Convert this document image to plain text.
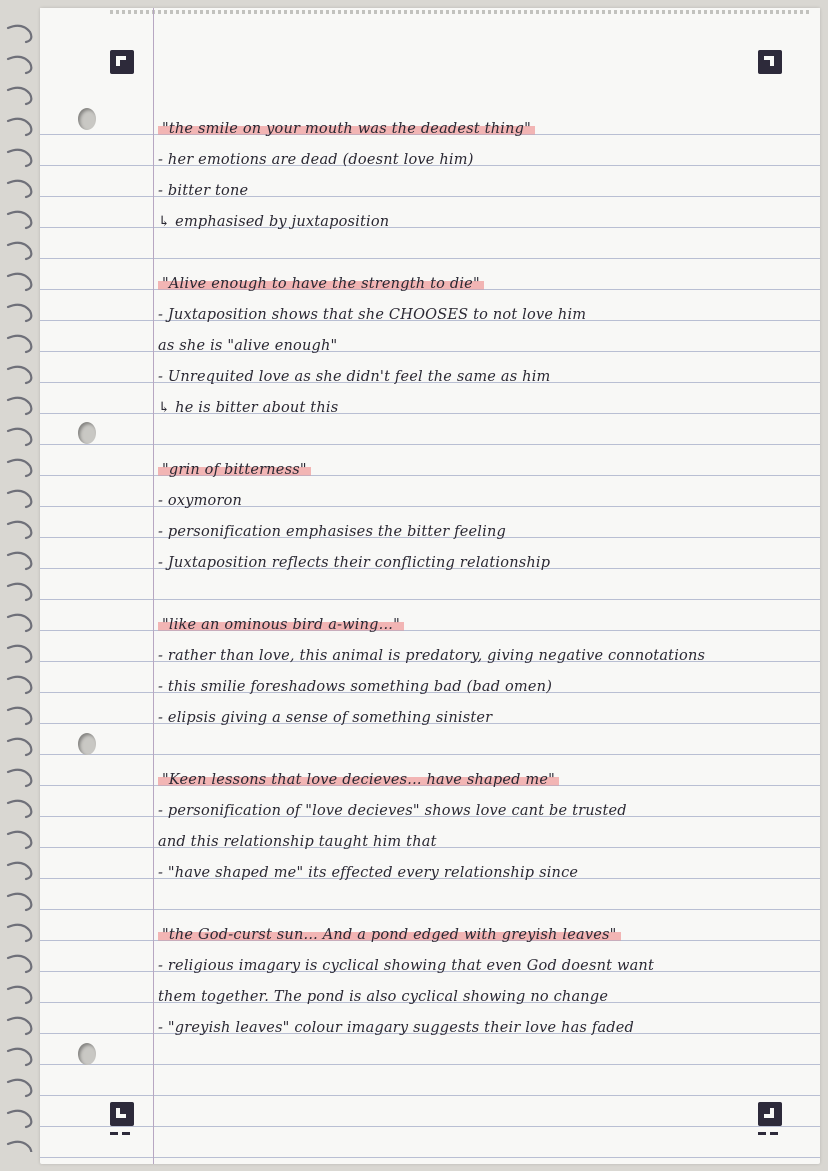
"the smile on your mouth was the deadest thing"
- her emotions are dead (doesnt love him)
- bitter tone
↳ emphasised by juxtaposition
"Alive enough to have the strength to die"
- Juxtaposition shows that she CHOOSES to not love him
as she is "alive enough"
- Unrequited love as she didn't feel the same as him
↳ he is bitter about this
"grin of bitterness"
- oxymoron
- personification emphasises the bitter feeling
- Juxtaposition reflects their conflicting relationship
"like an ominous bird a-wing..."
- rather than love, this animal is predatory, giving negative connotations
- this smilie foreshadows something bad (bad omen)
- elipsis giving a sense of something sinister
"Keen lessons that love decieves... have shaped me"
- personification of "love decieves" shows love cant be trusted
and this relationship taught him that
- "have shaped me" its effected every relationship since
"the God-curst sun... And a pond edged with greyish leaves"
- religious imagary is cyclical showing that even God doesnt want
them together. The pond is also cyclical showing no change
- "greyish leaves" colour imagary suggests their love has faded
